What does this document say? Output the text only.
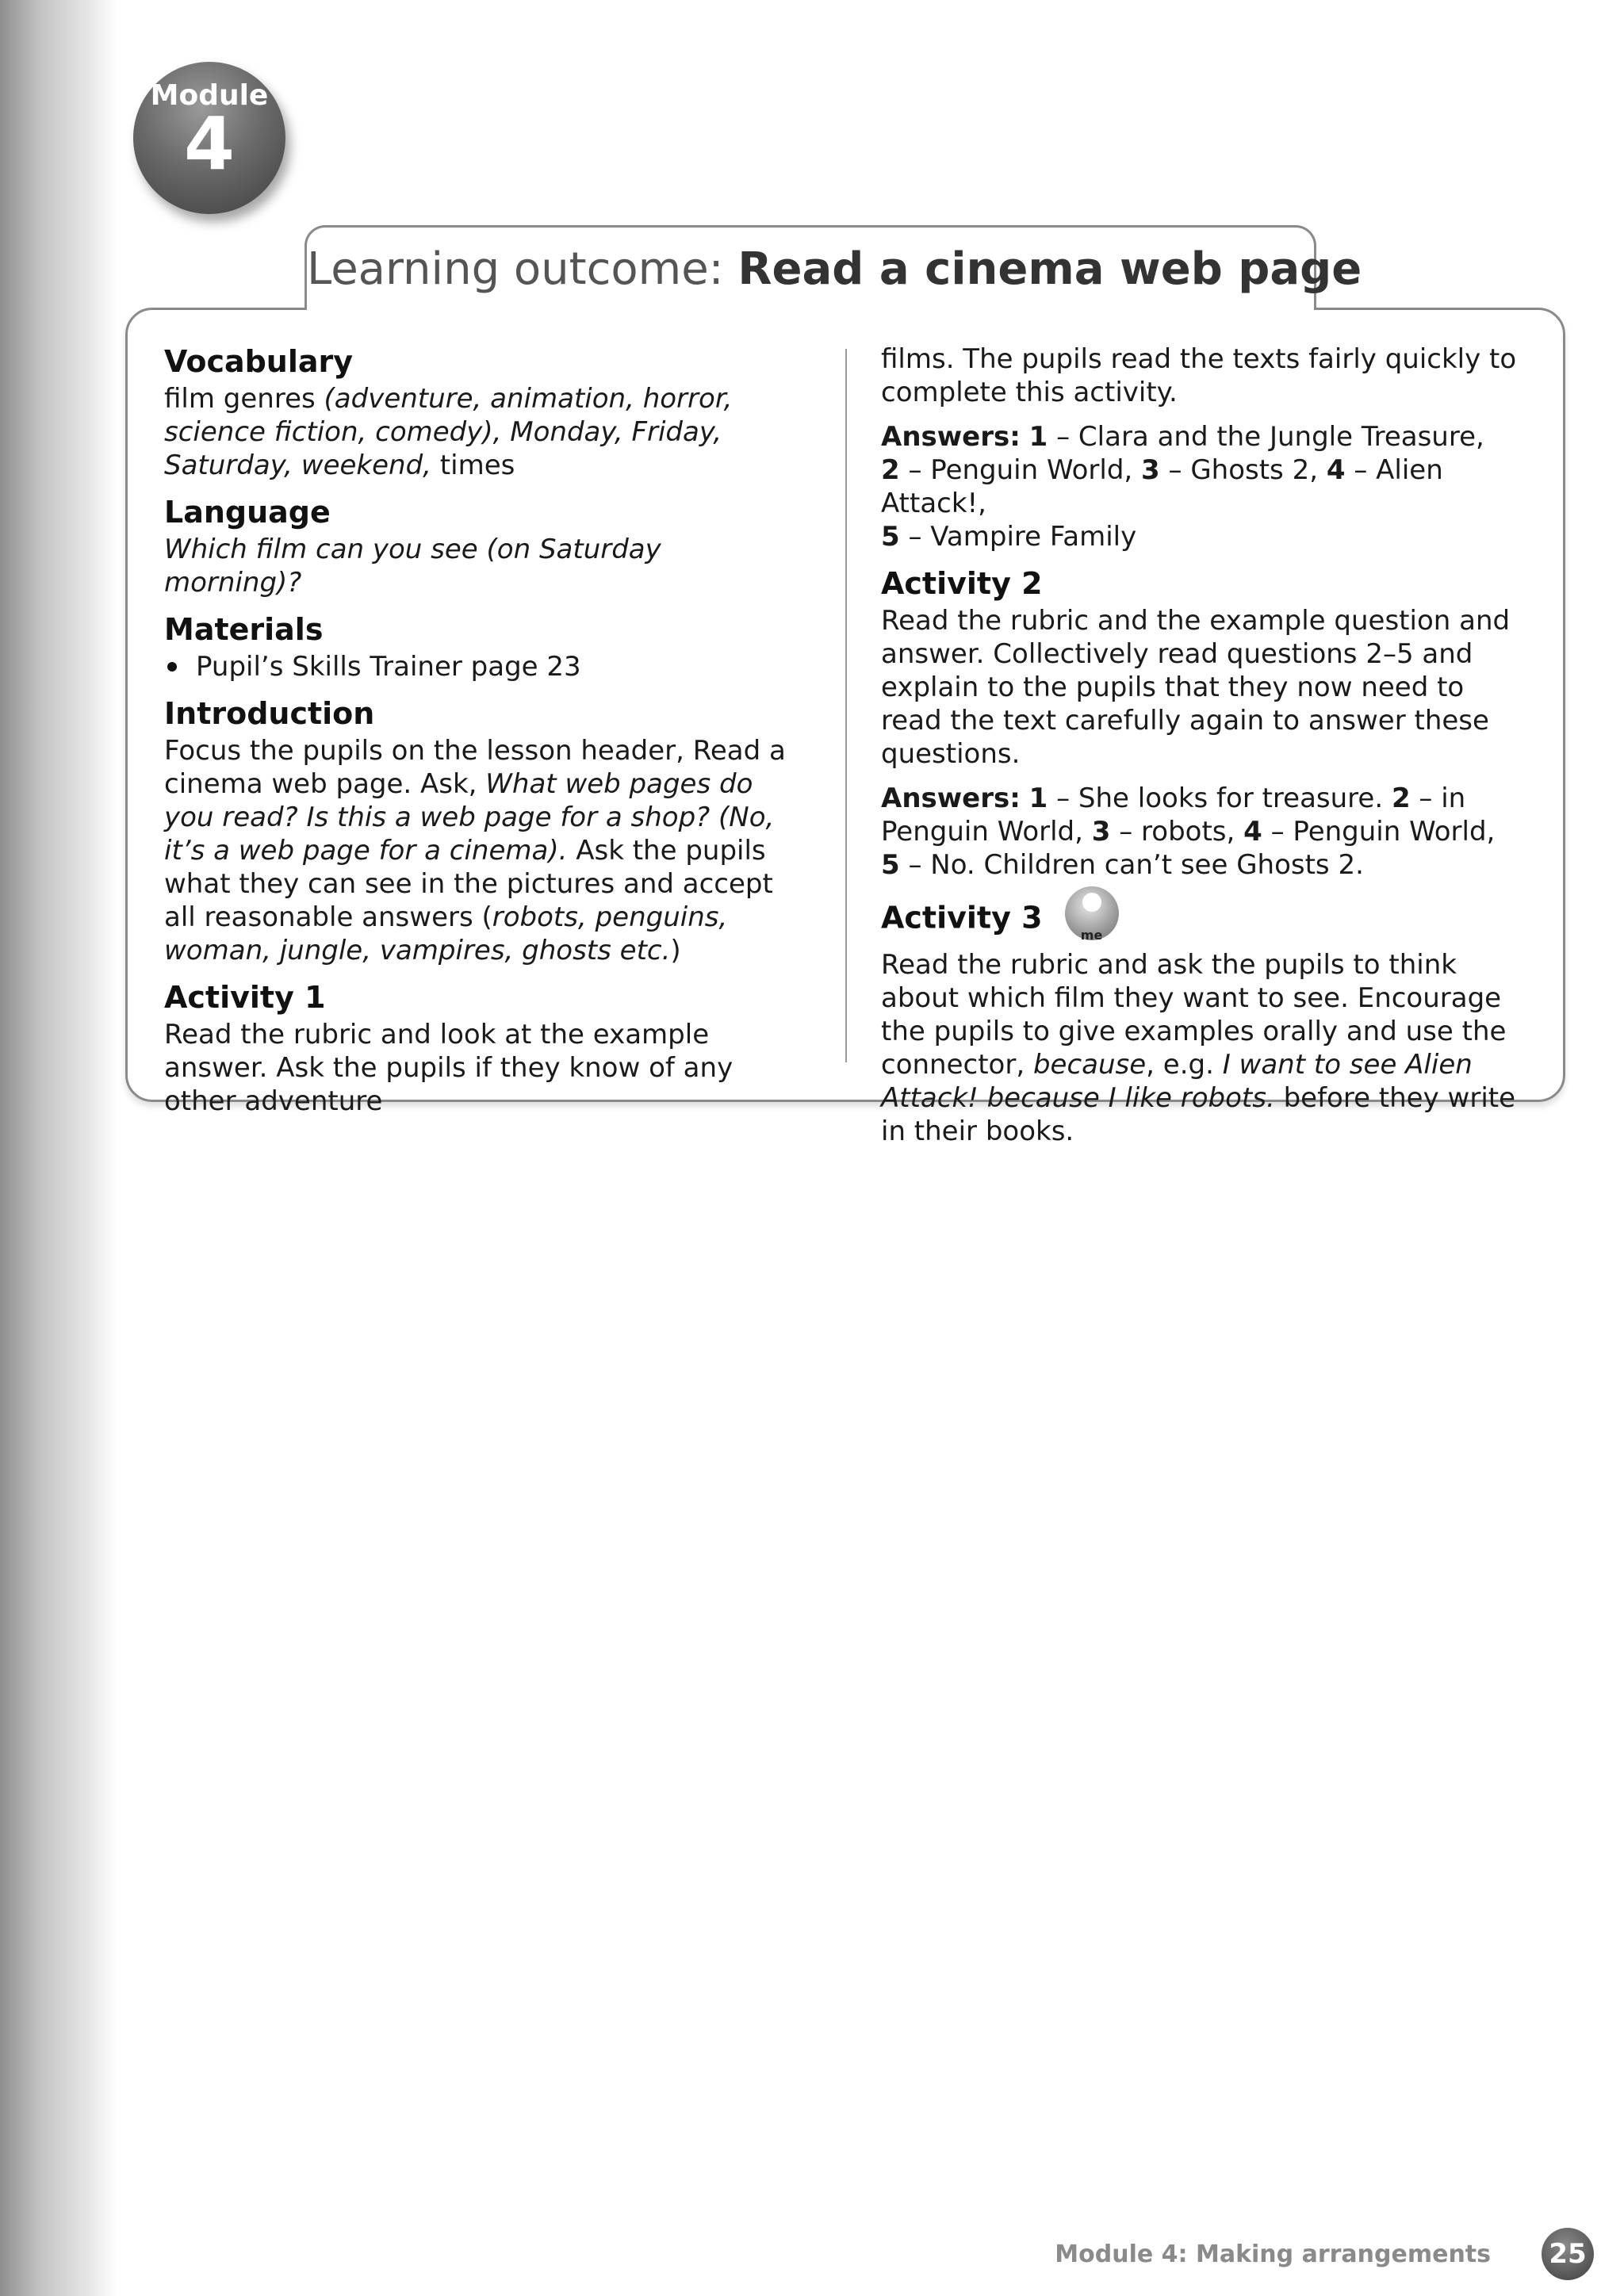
Module
4
Learning outcome: Read a cinema web page
Vocabulary

film genres (adventure, animation, horror, science fiction, comedy), Monday, Friday, Saturday, weekend, times

Language

Which film can you see (on Saturday morning)?

Materials
Pupil’s Skills Trainer page 23
Introduction

Focus the pupils on the lesson header, Read a cinema web page. Ask, What web pages do you read? Is this a web page for a shop? (No, it’s a web page for a cinema). Ask the pupils what they can see in the pictures and accept all reasonable answers (robots, penguins, woman, jungle, vampires, ghosts etc.)

Activity 1

Read the rubric and look at the example answer. Ask the pupils if they know of any other adventure

films. The pupils read the texts fairly quickly to complete this activity.

Answers: 1 – Clara and the Jungle Treasure,
2 – Penguin World, 3 – Ghosts 2, 4 – Alien Attack!,
5 – Vampire Family

Activity 2

Read the rubric and the example question and answer. Collectively read questions 2–5 and explain to the pupils that they now need to read the text carefully again to answer these questions.

Answers: 1 – She looks for treasure. 2 – in Penguin World, 3 – robots, 4 – Penguin World,
5 – No. Children can’t see Ghosts 2.

Activity 3	me

Read the rubric and ask the pupils to think about which film they want to see. Encourage the pupils to give examples orally and use the connector, because, e.g. I want to see Alien Attack! because I like robots. before they write in their books.

Module 4: Making arrangements 25
